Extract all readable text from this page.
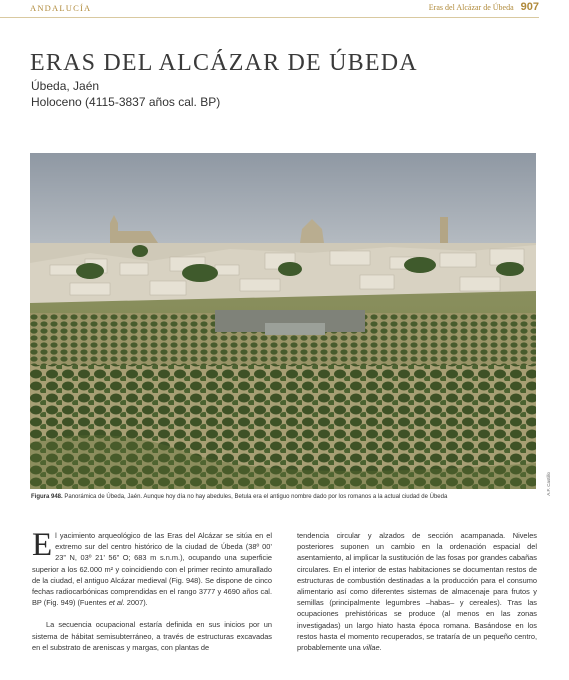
ANDALUCÍA	Eras del Alcázar de Úbeda 907
ERAS DEL ALCÁZAR DE ÚBEDA
Úbeda, Jaén
Holoceno (4115-3837 años cal. BP)
A.F. Castillo
Figura 948. Panorámica de Úbeda, Jaén. Aunque hoy día no hay abedules, Betula era el antiguo nombre dado por los romanos a la actual ciudad de Úbeda

El yacimiento arqueológico de las Eras del Alcázar se sitúa en el extremo sur del centro histórico de la ciudad de Úbeda (38º 00’ 23” N, 03º 21’ 56” O; 683 m s.n.m.), ocupando una superficie superior a los 62.000 m² y coincidiendo con el primer recinto amurallado de la ciudad, el antiguo Alcázar medieval (Fig. 948). Se dispone de cinco fechas radiocarbónicas comprendidas en el rango 3777 y 4690 años cal. BP (Fig. 949) (Fuentes et al. 2007).

La secuencia ocupacional estaría definida en sus inicios por un sistema de hábitat semisubterráneo, a través de estructuras excavadas en el substrato de areniscas y margas, con plantas de

tendencia circular y alzados de sección acampanada. Niveles posteriores suponen un cambio en la ordenación espacial del asentamiento, al implicar la sustitución de las fosas por grandes cabañas circulares. En el interior de estas habitaciones se documentan restos de estructuras de combustión destinadas a la producción para el consumo alimentario así como diferentes sistemas de almacenaje para frutos y semillas (principalmente legumbres –habas– y cereales). Tras las ocupaciones prehistóricas se produce (al menos en las zonas investigadas) un largo hiato hasta época romana. Basándose en los restos hasta el momento recuperados, se trataría de un pequeño centro, probablemente una villae.
